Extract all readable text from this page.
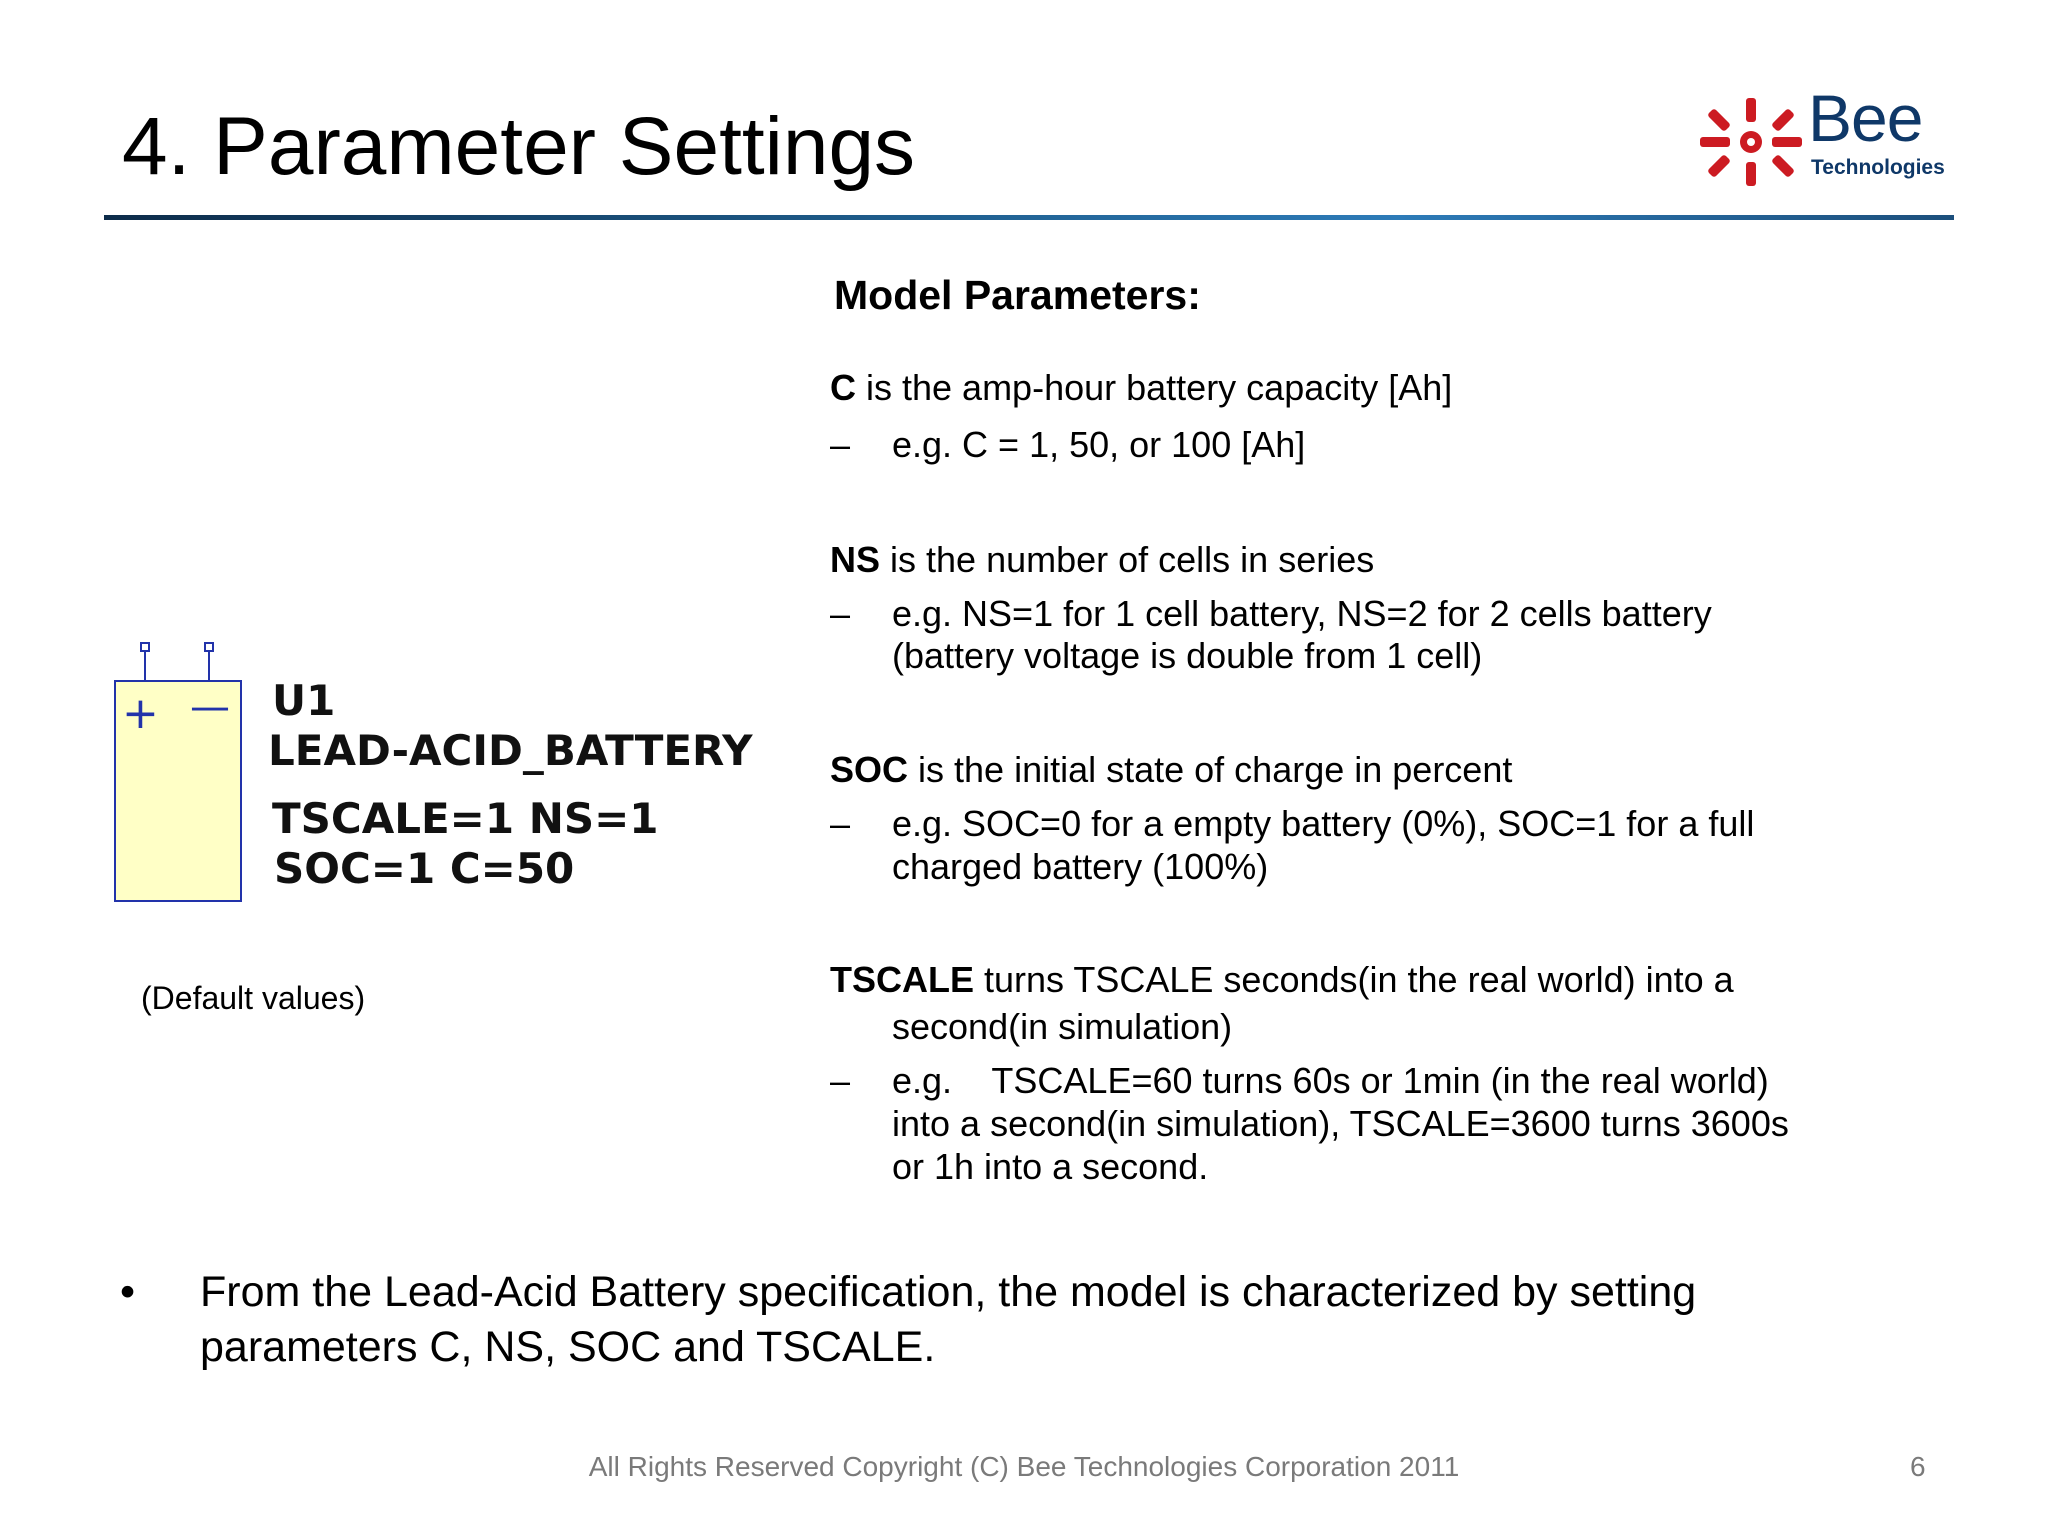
4. Parameter Settings	Bee
Technologies
+ — U1
LEAD-ACID_BATTERY
TSCALE=1 NS=1
SOC=1 C=50
(Default values)
Model Parameters:
C is the amp-hour battery capacity [Ah]
– e.g. C = 1, 50, or 100 [Ah]
NS is the number of cells in series
– e.g. NS=1 for 1 cell battery, NS=2 for 2 cells battery
(battery voltage is double from 1 cell)
SOC is the initial state of charge in percent
– e.g. SOC=0 for a empty battery (0%), SOC=1 for a full
charged battery (100%)
TSCALE turns TSCALE seconds(in the real world) into a
second(in simulation)
– e.g.    TSCALE=60 turns 60s or 1min (in the real world)
into a second(in simulation), TSCALE=3600 turns 3600s
or 1h into a second.
• From the Lead-Acid Battery specification, the model is characterized by setting
parameters C, NS, SOC and TSCALE.
All Rights Reserved Copyright (C) Bee Technologies Corporation 2011	6
